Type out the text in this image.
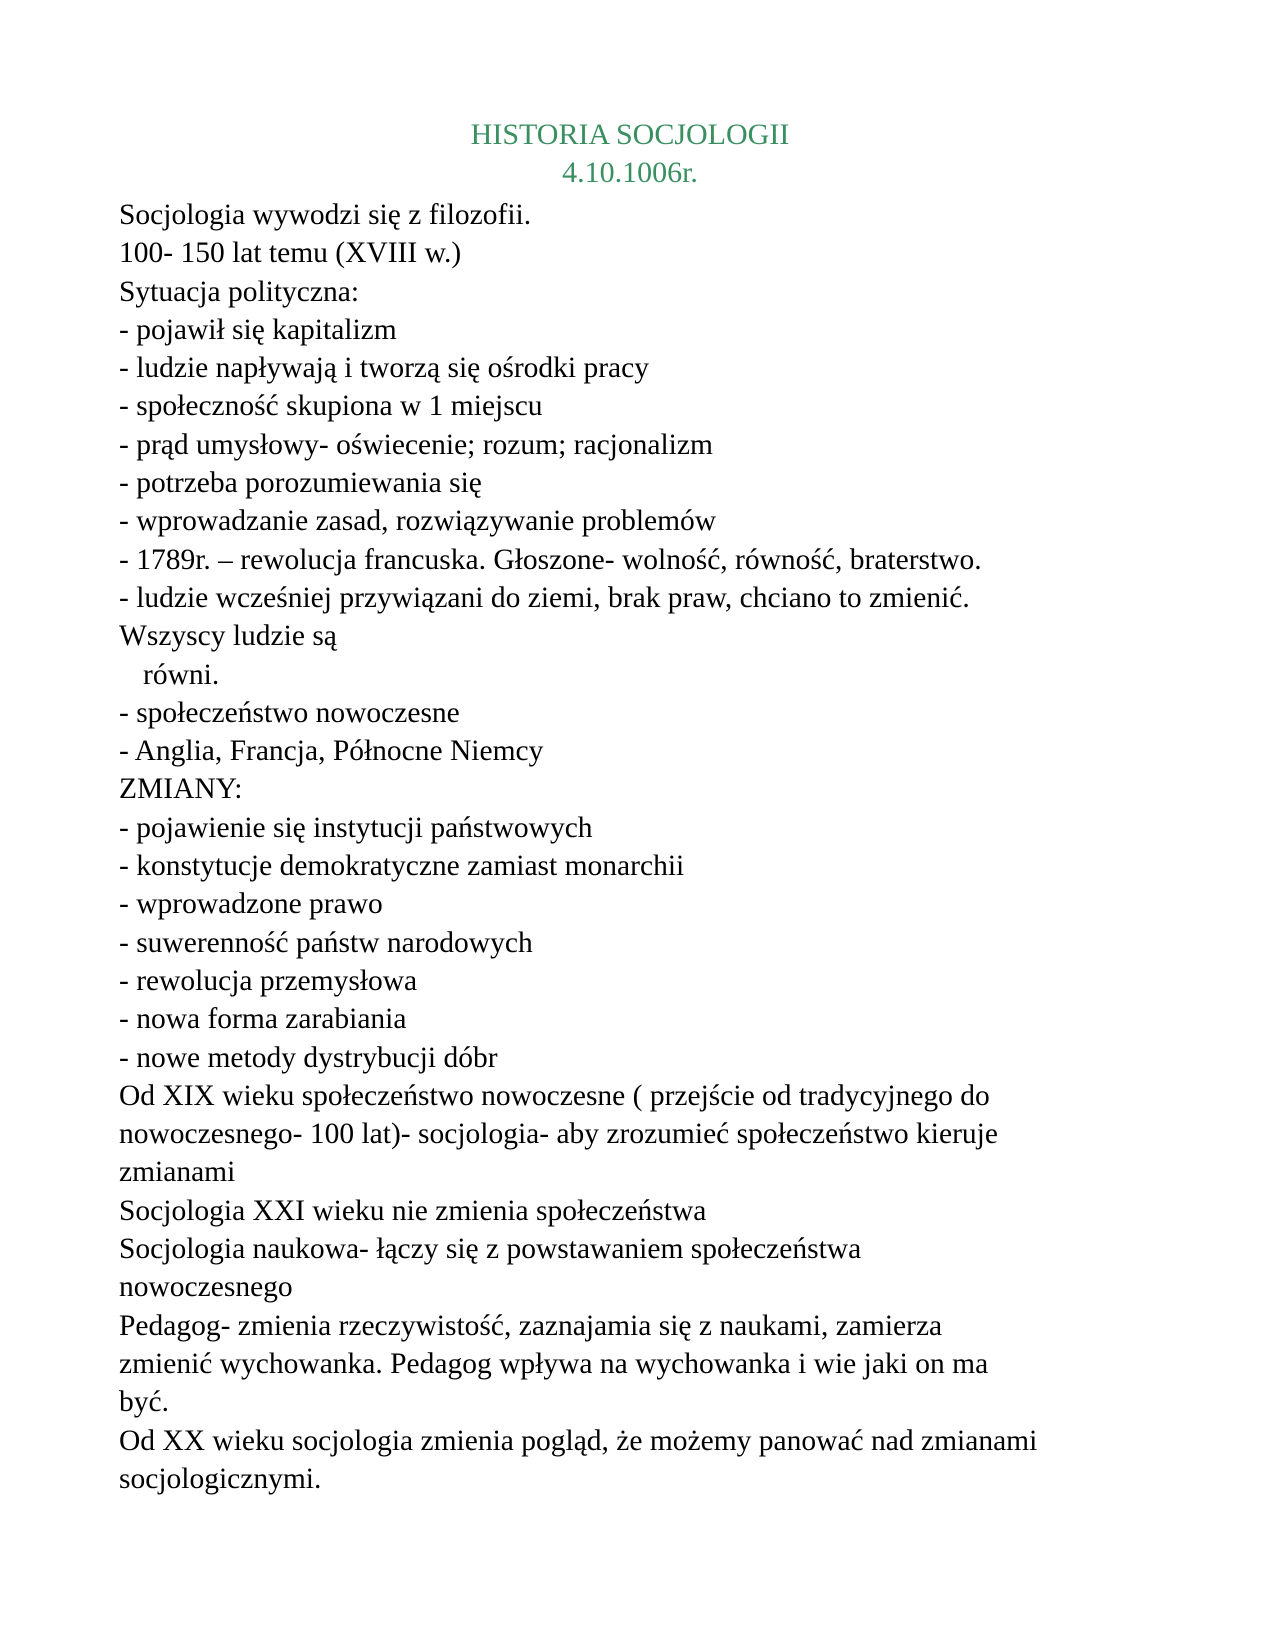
HISTORIA SOCJOLOGII
4.10.1006r.
Socjologia wywodzi się z filozofii.
100- 150 lat temu (XVIII w.)
Sytuacja polityczna:
- pojawił się kapitalizm
- ludzie napływają i tworzą się ośrodki pracy
- społeczność skupiona w 1 miejscu
- prąd umysłowy- oświecenie; rozum; racjonalizm
- potrzeba porozumiewania się
- wprowadzanie zasad, rozwiązywanie problemów
- 1789r. – rewolucja francuska. Głoszone- wolność, równość, braterstwo.
- ludzie wcześniej przywiązani do ziemi, brak praw, chciano to zmienić.
Wszyscy ludzie są
równi.
- społeczeństwo nowoczesne
- Anglia, Francja, Północne Niemcy
ZMIANY:
- pojawienie się instytucji państwowych
- konstytucje demokratyczne zamiast monarchii
- wprowadzone prawo
- suwerenność państw narodowych
- rewolucja przemysłowa
- nowa forma zarabiania
- nowe metody dystrybucji dóbr
Od XIX wieku społeczeństwo nowoczesne ( przejście od tradycyjnego do
nowoczesnego- 100 lat)- socjologia- aby zrozumieć społeczeństwo kieruje
zmianami
Socjologia XXI wieku nie zmienia społeczeństwa
Socjologia naukowa- łączy się z powstawaniem społeczeństwa
nowoczesnego
Pedagog- zmienia rzeczywistość, zaznajamia się z naukami, zamierza
zmienić wychowanka. Pedagog wpływa na wychowanka i wie jaki on ma
być.
Od XX wieku socjologia zmienia pogląd, że możemy panować nad zmianami
socjologicznymi.
